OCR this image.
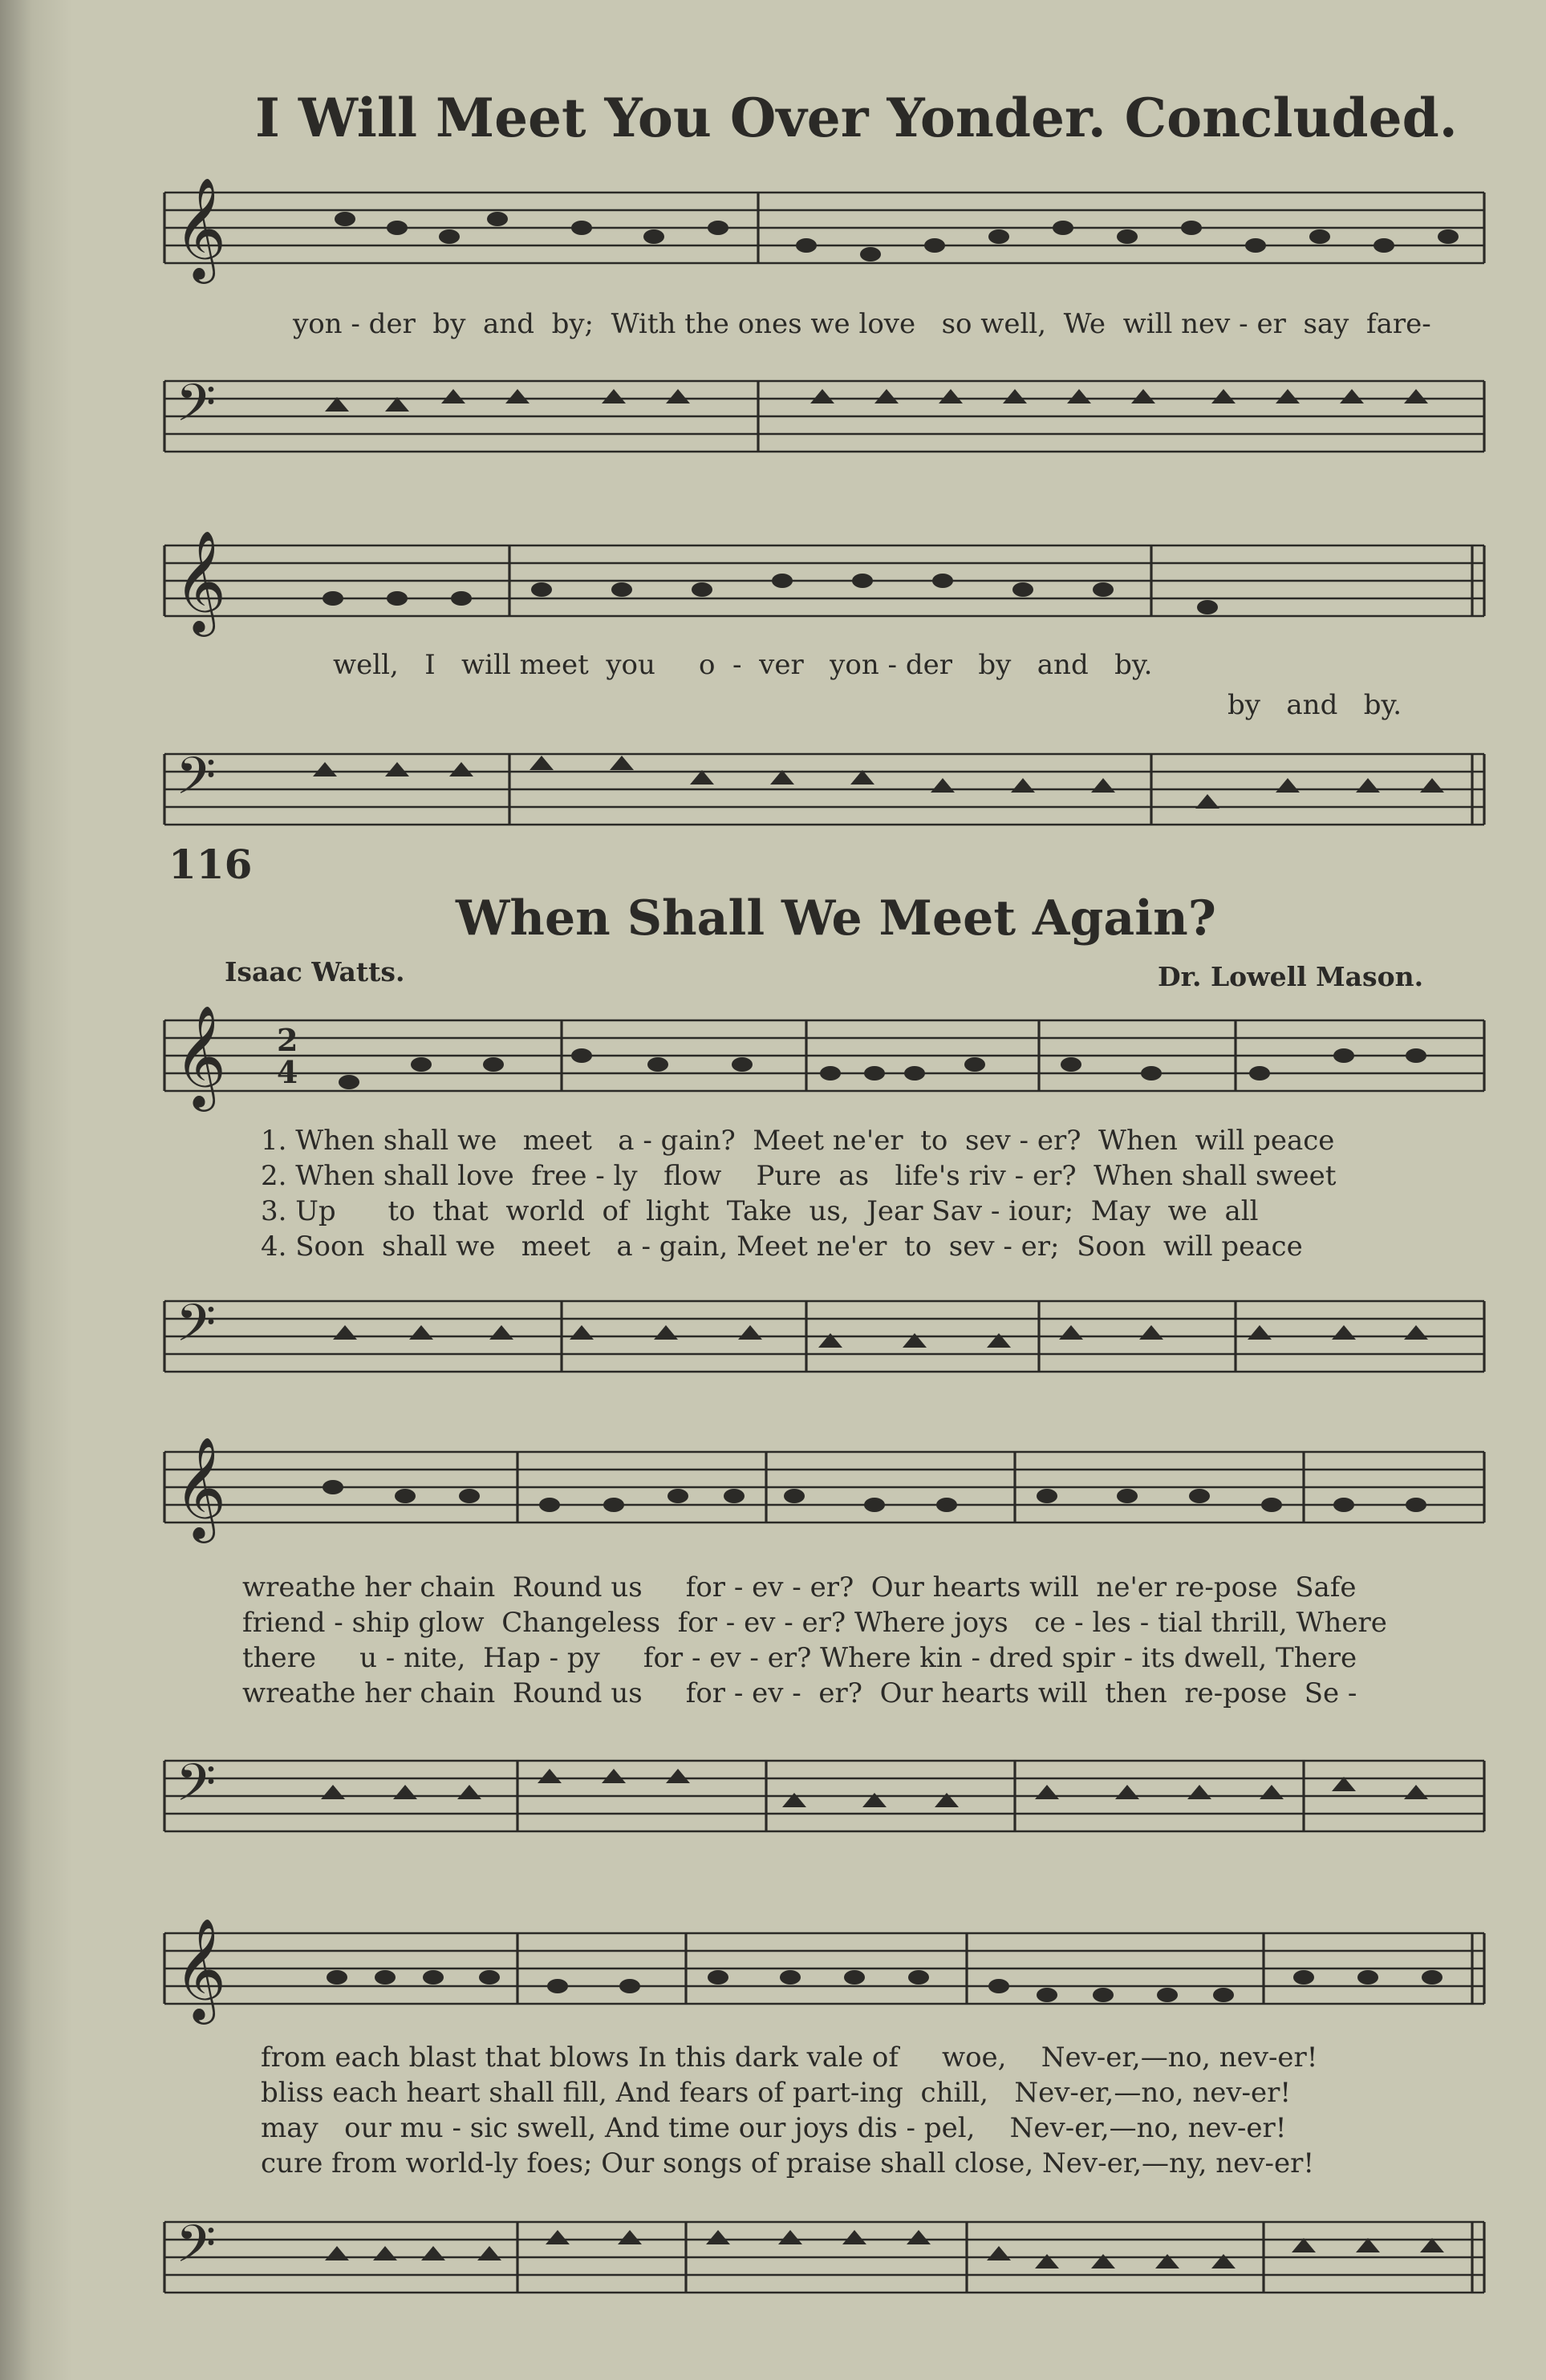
I Will Meet You Over Yonder. Concluded.
𝄞
yon - der  by  and  by;  With the ones we love   so well,  We  will nev - er  say  fare-
𝄢
𝄞
well,   I   will meet  you     o  -  ver   yon - der   by   and   by.
by   and   by.
𝄢
116
When Shall We Meet Again?
Isaac Watts.	Dr. Lowell Mason.
𝄞 2
4
1. When shall we   meet   a - gain?  Meet ne'er  to  sev - er?  When  will peace
2. When shall love  free - ly   flow    Pure  as   life's riv - er?  When shall sweet
3. Up      to  that  world  of  light  Take  us,  Jear Sav - iour;  May  we  all
4. Soon  shall we   meet   a - gain, Meet ne'er  to  sev - er;  Soon  will peace
𝄢
𝄞
wreathe her chain  Round us     for - ev - er?  Our hearts will  ne'er re-pose  Safe
friend - ship glow  Changeless  for - ev - er? Where joys   ce - les - tial thrill, Where
there     u - nite,  Hap - py     for - ev - er? Where kin - dred spir - its dwell, There
wreathe her chain  Round us     for - ev -  er?  Our hearts will  then  re-pose  Se -
𝄢
𝄞
from each blast that blows In this dark vale of     woe,    Nev-er,—no, nev-er!
bliss each heart shall fill, And fears of part-ing  chill,   Nev-er,—no, nev-er!
may   our mu - sic swell, And time our joys dis - pel,    Nev-er,—no, nev-er!
cure from world-ly foes; Our songs of praise shall close, Nev-er,—ny, nev-er!
𝄢
